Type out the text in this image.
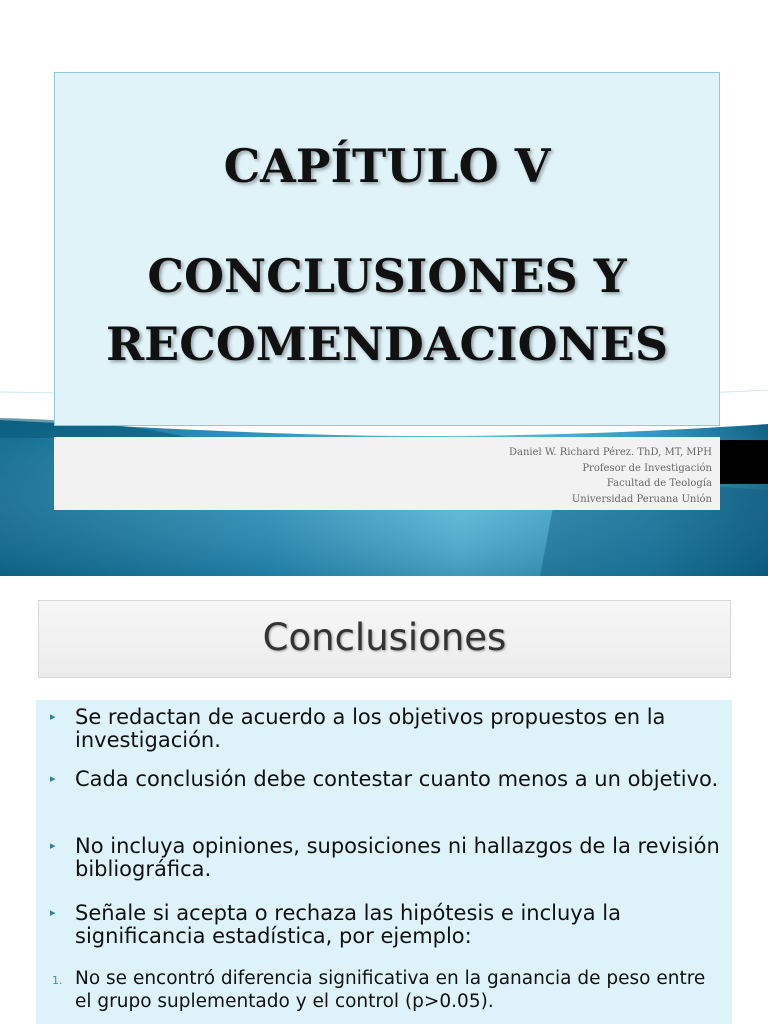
CAPÍTULO V
CONCLUSIONES Y
RECOMENDACIONES
Daniel W. Richard Pérez. ThD, MT, MPH
Profesor de Investigación
Facultad de Teología
Universidad Peruana Unión
Conclusiones
▸ Se redactan de acuerdo a los objetivos propuestos en la investigación.
▸ Cada conclusión debe contestar cuanto menos a un objetivo.
▸ No incluya opiniones, suposiciones ni hallazgos de la revisión bibliográfica.
▸ Señale si acepta o rechaza las hipótesis e incluya la significancia estadística, por ejemplo:
1. No se encontró diferencia significativa en la ganancia de peso entre el grupo suplementado y el control (p>0.05).
